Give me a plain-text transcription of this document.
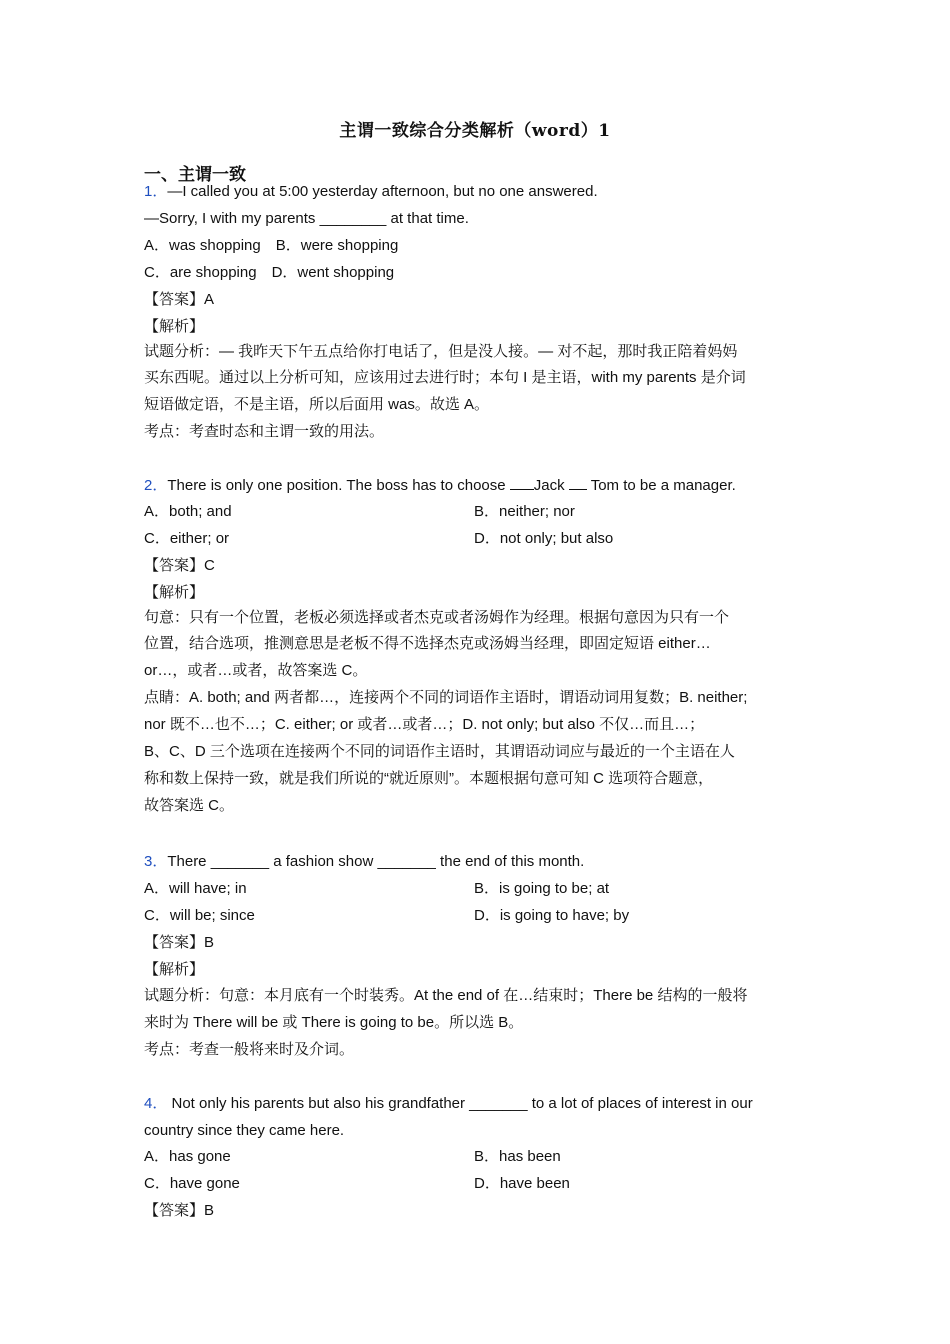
主谓一致综合分类解析（word）1
一、主谓一致
1．—I called you at 5:00 yesterday afternoon, but no one answered.
—Sorry, I with my parents ________ at that time.
A．was shopping　B．were shopping
C．are shopping　D．went shopping
【答案】A
【解析】
试题分析：— 我昨天下午五点给你打电话了，但是没人接。— 对不起，那时我正陪着妈妈
买东西呢。通过以上分析可知，应该用过去进行时；本句 I 是主语，with my parents 是介词
短语做定语，不是主语，所以后面用 was。故选 A。
考点：考查时态和主谓一致的用法。
2．There is only one position. The boss has to choose Jack  Tom to be a manager.
A．both; and	B．neither; nor
C．either; or	D．not only; but also
【答案】C
【解析】
句意：只有一个位置，老板必须选择或者杰克或者汤姆作为经理。根据句意因为只有一个
位置，结合选项，推测意思是老板不得不选择杰克或汤姆当经理，即固定短语 either…
or…，或者…或者，故答案选 C。
点睛：A. both; and 两者都…，连接两个不同的词语作主语时，谓语动词用复数；B. neither;
nor 既不…也不…；C. either; or 或者…或者…；D. not only; but also 不仅…而且…；
B、C、D 三个选项在连接两个不同的词语作主语时，其谓语动词应与最近的一个主语在人
称和数上保持一致，就是我们所说的“就近原则”。本题根据句意可知 C 选项符合题意，
故答案选 C。
3．There _______ a fashion show _______ the end of this month.
A．will have; in	B．is going to be; at
C．will be; since	D．is going to have; by
【答案】B
【解析】
试题分析：句意：本月底有一个时装秀。At the end of 在…结束时；There be 结构的一般将
来时为 There will be 或 There is going to be。所以选 B。
考点：考查一般将来时及介词。
4． Not only his parents but also his grandfather _______ to a lot of places of interest in our
country since they came here.
A．has gone	B．has been
C．have gone	D．have been
【答案】B
